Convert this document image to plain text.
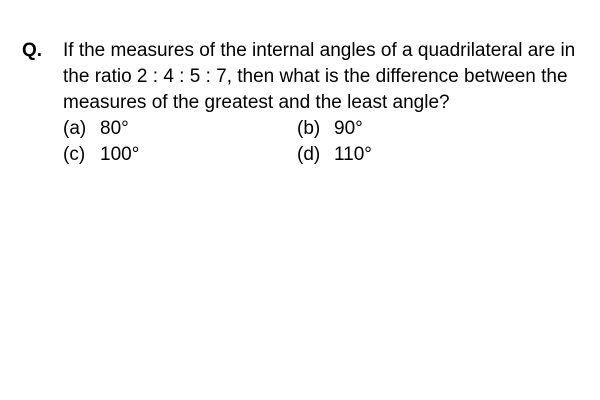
Q. If the measures of the internal angles of a quadrilateral are in the ratio 2 : 4 : 5 : 7, then what is the difference between the measures of the greatest and the least angle?

(a) 80°	(b) 90°
(c) 100°	(d) 110°
